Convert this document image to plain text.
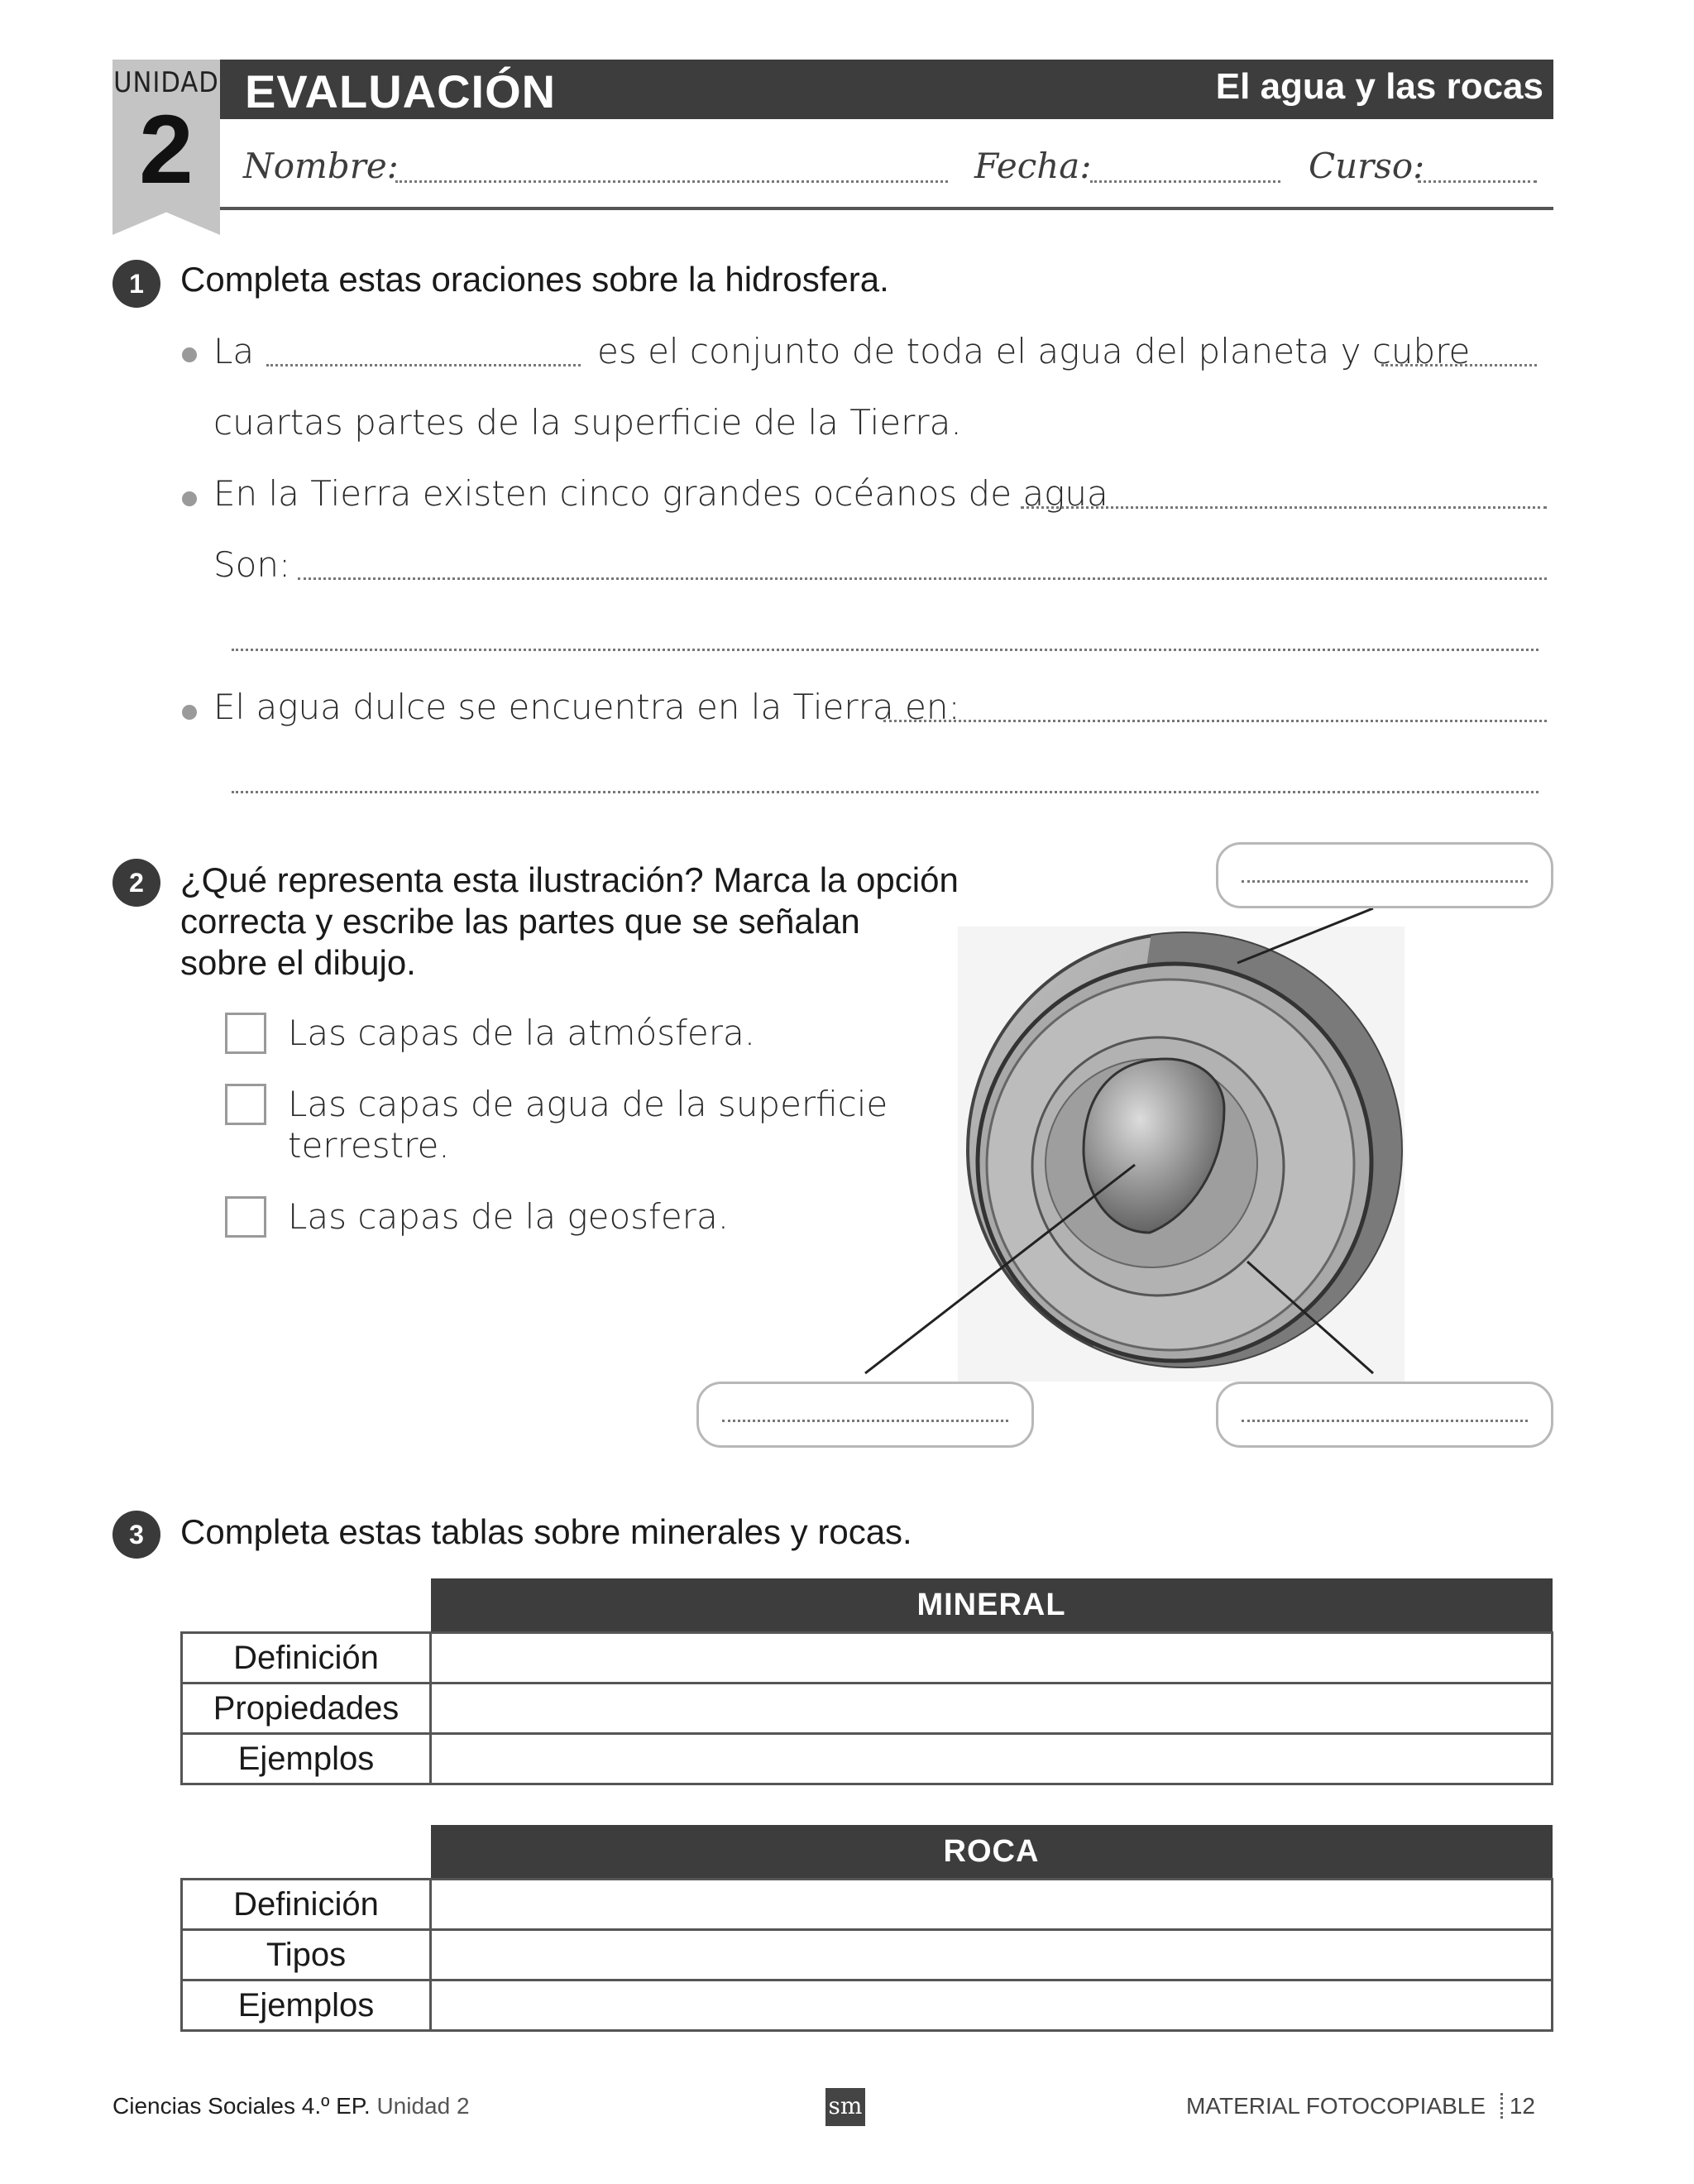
UNIDAD
2
EVALUACIÓN	El agua y las rocas
Nombre:	Fecha:	Curso:
1	Completa estas oraciones sobre la hidrosfera.
La	es el conjunto de toda el agua del planeta y cubre
cuartas partes de la superficie de la Tierra.
En la Tierra existen cinco grandes océanos de agua
Son:
El agua dulce se encuentra en la Tierra en:
2	¿Qué representa esta ilustración? Marca la opción
correcta y escribe las partes que se señalan
sobre el dibujo.
Las capas de la atmósfera.
Las capas de agua de la superficie
terrestre.
Las capas de la geosfera.
3	Completa estas tablas sobre minerales y rocas.
	MINERAL
Definición	
Propiedades	
Ejemplos	
	ROCA
Definición	
Tipos	
Ejemplos	
Ciencias Sociales 4.º EP. Unidad 2	sm	MATERIAL FOTOCOPIABLE 12
